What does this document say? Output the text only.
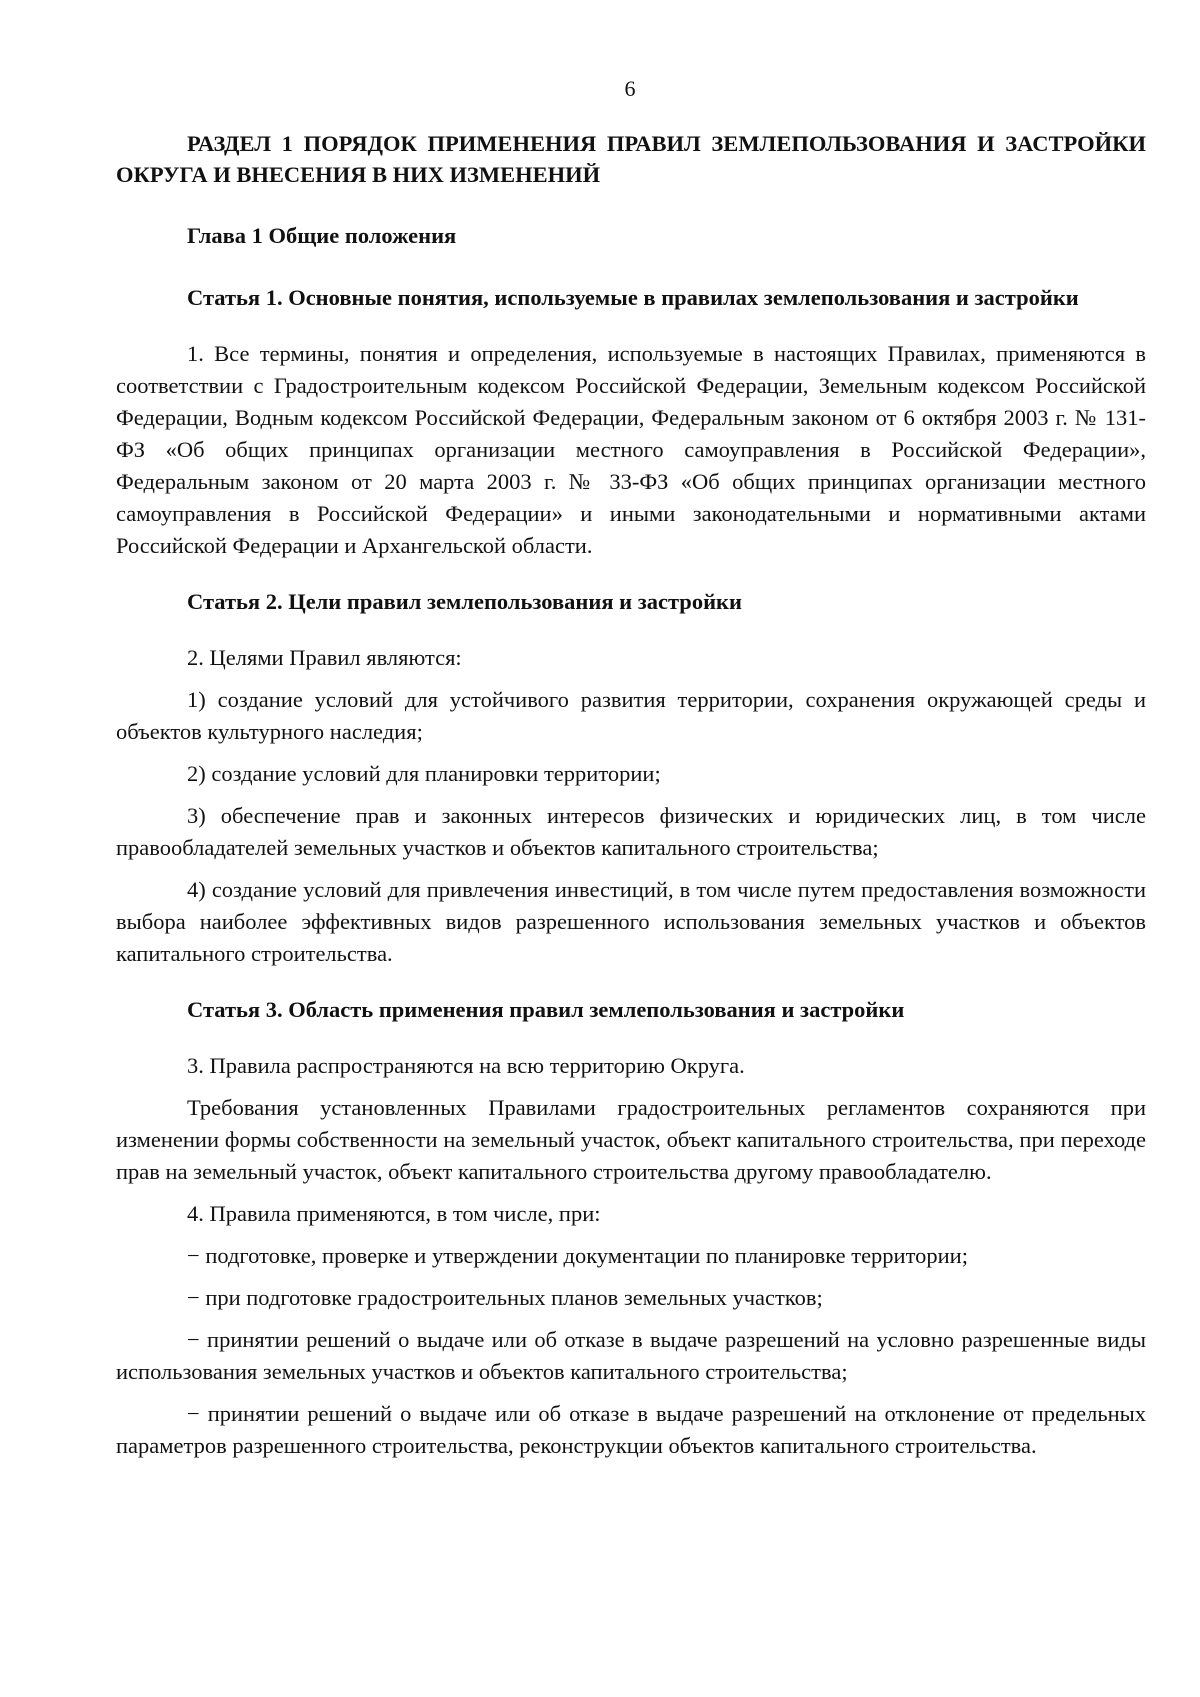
6

РАЗДЕЛ 1 ПОРЯДОК ПРИМЕНЕНИЯ ПРАВИЛ ЗЕМЛЕПОЛЬЗОВАНИЯ И ЗАСТРОЙКИ ОКРУГА И ВНЕСЕНИЯ В НИХ ИЗМЕНЕНИЙ

Глава 1 Общие положения

Статья 1. Основные понятия, используемые в правилах землепользования и застройки

1. Все термины, понятия и определения, используемые в настоящих Правилах, применяются в соответствии с Градостроительным кодексом Российской Федерации, Земельным кодексом Российской Федерации, Водным кодексом Российской Федерации, Федеральным законом от 6 октября 2003 г. № 131-ФЗ «Об общих принципах организации местного самоуправления в Российской Федерации», Федеральным законом от 20 марта 2003 г. № 33-ФЗ «Об общих принципах организации местного самоуправления в Российской Федерации» и иными законодательными и нормативными актами Российской Федерации и Архангельской области.

Статья 2. Цели правил землепользования и застройки

2. Целями Правил являются:

1) создание условий для устойчивого развития территории, сохранения окружающей среды и объектов культурного наследия;

2) создание условий для планировки территории;

3) обеспечение прав и законных интересов физических и юридических лиц, в том числе правообладателей земельных участков и объектов капитального строительства;

4) создание условий для привлечения инвестиций, в том числе путем предоставления возможности выбора наиболее эффективных видов разрешенного использования земельных участков и объектов капитального строительства.

Статья 3. Область применения правил землепользования и застройки

3. Правила распространяются на всю территорию Округа.

Требования установленных Правилами градостроительных регламентов сохраняются при изменении формы собственности на земельный участок, объект капитального строительства, при переходе прав на земельный участок, объект капитального строительства другому правообладателю.

4. Правила применяются, в том числе, при:

− подготовке, проверке и утверждении документации по планировке территории;

− при подготовке градостроительных планов земельных участков;

− принятии решений о выдаче или об отказе в выдаче разрешений на условно разрешенные виды использования земельных участков и объектов капитального строительства;

− принятии решений о выдаче или об отказе в выдаче разрешений на отклонение от предельных параметров разрешенного строительства, реконструкции объектов капитального строительства.
